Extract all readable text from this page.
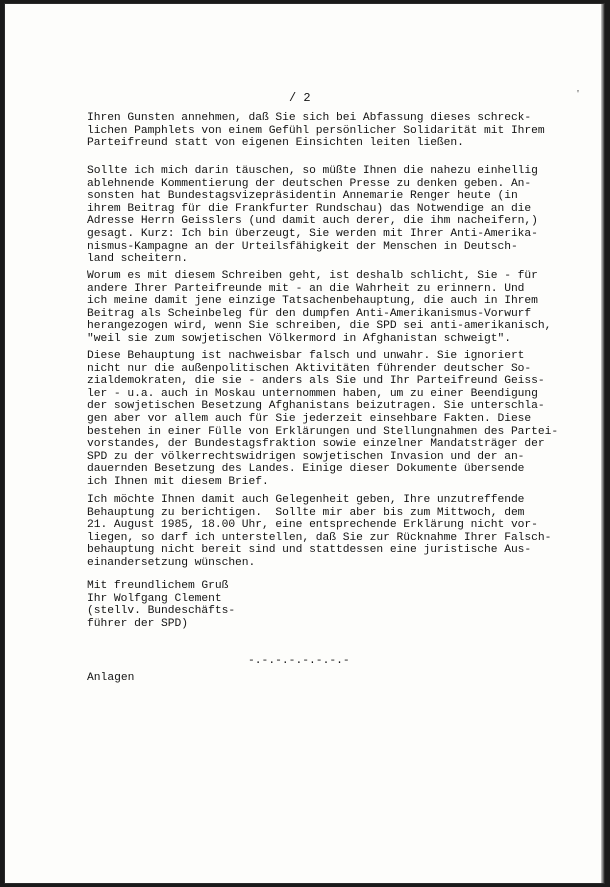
/ 2	'
Ihren Gunsten annehmen, daß Sie sich bei Abfassung dieses schreck-
lichen Pamphlets von einem Gefühl persönlicher Solidarität mit Ihrem
Parteifreund statt von eigenen Einsichten leiten ließen.
Sollte ich mich darin täuschen, so müßte Ihnen die nahezu einhellig
ablehnende Kommentierung der deutschen Presse zu denken geben. An-
sonsten hat Bundestagsvizepräsidentin Annemarie Renger heute (in
ihrem Beitrag für die Frankfurter Rundschau) das Notwendige an die
Adresse Herrn Geisslers (und damit auch derer, die ihm nacheifern,)
gesagt. Kurz: Ich bin überzeugt, Sie werden mit Ihrer Anti-Amerika-
nismus-Kampagne an der Urteilsfähigkeit der Menschen in Deutsch-
land scheitern.
Worum es mit diesem Schreiben geht, ist deshalb schlicht, Sie - für
andere Ihrer Parteifreunde mit - an die Wahrheit zu erinnern. Und
ich meine damit jene einzige Tatsachenbehauptung, die auch in Ihrem
Beitrag als Scheinbeleg für den dumpfen Anti-Amerikanismus-Vorwurf
herangezogen wird, wenn Sie schreiben, die SPD sei anti-amerikanisch,
"weil sie zum sowjetischen Völkermord in Afghanistan schweigt".
Diese Behauptung ist nachweisbar falsch und unwahr. Sie ignoriert
nicht nur die außenpolitischen Aktivitäten führender deutscher So-
zialdemokraten, die sie - anders als Sie und Ihr Parteifreund Geiss-
ler - u.a. auch in Moskau unternommen haben, um zu einer Beendigung
der sowjetischen Besetzung Afghanistans beizutragen. Sie unterschla-
gen aber vor allem auch für Sie jederzeit einsehbare Fakten. Diese
bestehen in einer Fülle von Erklärungen und Stellungnahmen des Partei-
vorstandes, der Bundestagsfraktion sowie einzelner Mandatsträger der
SPD zu der völkerrechtswidrigen sowjetischen Invasion und der an-
dauernden Besetzung des Landes. Einige dieser Dokumente übersende
ich Ihnen mit diesem Brief.
Ich möchte Ihnen damit auch Gelegenheit geben, Ihre unzutreffende
Behauptung zu berichtigen.  Sollte mir aber bis zum Mittwoch, dem
21. August 1985, 18.00 Uhr, eine entsprechende Erklärung nicht vor-
liegen, so darf ich unterstellen, daß Sie zur Rücknahme Ihrer Falsch-
behauptung nicht bereit sind und stattdessen eine juristische Aus-
einandersetzung wünschen.
Mit freundlichem Gruß
Ihr Wolfgang Clement
(stellv. Bundeschäfts-
führer der SPD)
-.-.-.-.-.-.-.-
Anlagen
